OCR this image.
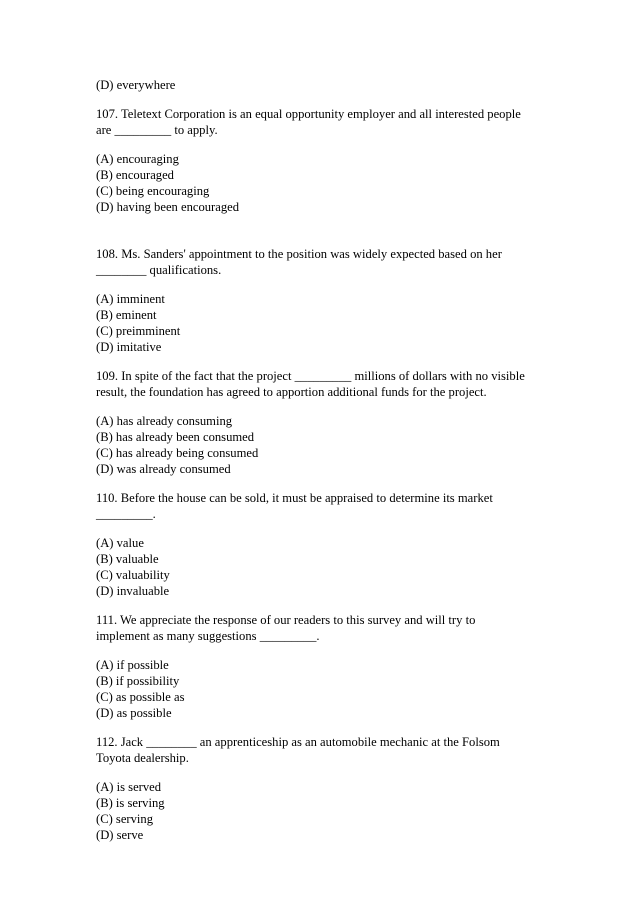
(D) everywhere
107. Teletext Corporation is an equal opportunity employer and all interested people
are _________ to apply.
(A) encouraging
(B) encouraged
(C) being encouraging
(D) having been encouraged
108. Ms. Sanders' appointment to the position was widely expected based on her
________ qualifications.
(A) imminent
(B) eminent
(C) preimminent
(D) imitative
109. In spite of the fact that the project _________ millions of dollars with no visible
result, the foundation has agreed to apportion additional funds for the project.
(A) has already consuming
(B) has already been consumed
(C) has already being consumed
(D) was already consumed
110. Before the house can be sold, it must be appraised to determine its market
_________.
(A) value
(B) valuable
(C) valuability
(D) invaluable
111. We appreciate the response of our readers to this survey and will try to
implement as many suggestions _________.
(A) if possible
(B) if possibility
(C) as possible as
(D) as possible
112. Jack ________ an apprenticeship as an automobile mechanic at the Folsom
Toyota dealership.
(A) is served
(B) is serving
(C) serving
(D) serve
